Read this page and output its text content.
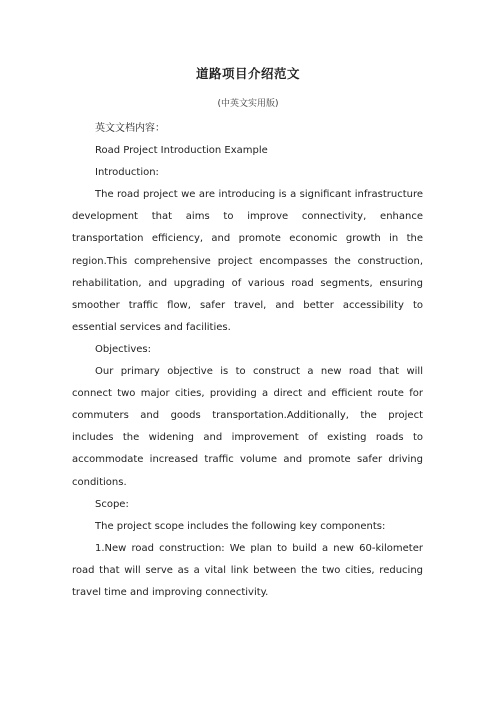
道路项目介绍范文
(中英文实用版)

英文文档内容：

Road Project Introduction Example

Introduction:

The road project we are introducing is a significant infrastructure development that aims to improve connectivity, enhance transportation efficiency, and promote economic growth in the region.This comprehensive project encompasses the construction, rehabilitation, and upgrading of various road segments, ensuring smoother traffic flow, safer travel, and better accessibility to essential services and facilities.

Objectives:

Our primary objective is to construct a new road that will connect two major cities, providing a direct and efficient route for commuters and goods transportation.Additionally, the project includes the widening and improvement of existing roads to accommodate increased traffic volume and promote safer driving conditions.

Scope:

The project scope includes the following key components:

1.New road construction: We plan to build a new 60-kilometer road that will serve as a vital link between the two cities, reducing travel time and improving connectivity.
